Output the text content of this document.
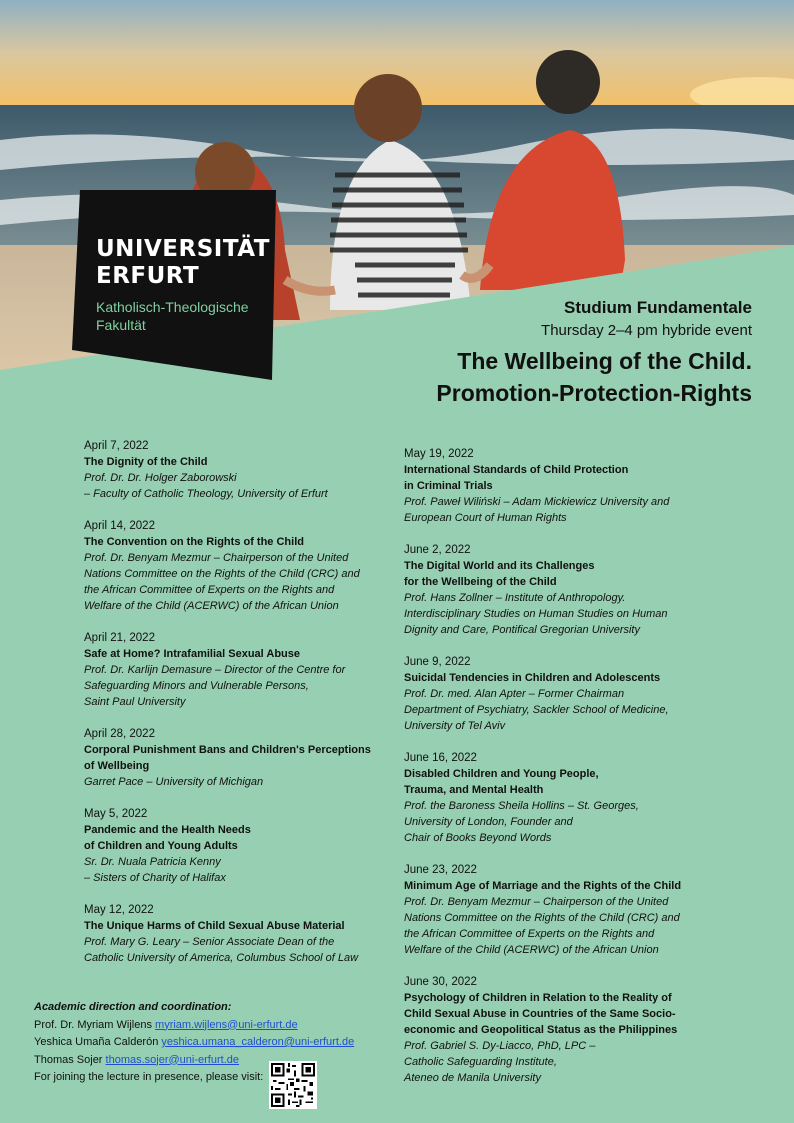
UNIVERSITÄT
ERFURT
Katholisch-Theologische
Fakultät
Studium Fundamentale
Thursday 2–4 pm hybride event
The Wellbeing of the Child.
Promotion-Protection-Rights
April 7, 2022
The Dignity of the Child
Prof. Dr. Dr. Holger Zaborowski
– Faculty of Catholic Theology, University of Erfurt
April 14, 2022
The Convention on the Rights of the Child
Prof. Dr. Benyam Mezmur – Chairperson of the United
Nations Committee on the Rights of the Child (CRC) and
the African Committee of Experts on the Rights and
Welfare of the Child (ACERWC) of the African Union
April 21, 2022
Safe at Home? Intrafamilial Sexual Abuse
Prof. Dr. Karlijn Demasure – Director of the Centre for
Safeguarding Minors and Vulnerable Persons,
Saint Paul University
April 28, 2022
Corporal Punishment Bans and Children's Perceptions
of Wellbeing
Garret Pace – University of Michigan
May 5, 2022
Pandemic and the Health Needs
of Children and Young Adults
Sr. Dr. Nuala Patricia Kenny
– Sisters of Charity of Halifax
May 12, 2022
The Unique Harms of Child Sexual Abuse Material
Prof. Mary G. Leary – Senior Associate Dean of the
Catholic University of America, Columbus School of Law
May 19, 2022
International Standards of Child Protection
in Criminal Trials
Prof. Paweł Wiliński – Adam Mickiewicz University and
European Court of Human Rights
June 2, 2022
The Digital World and its Challenges
for the Wellbeing of the Child
Prof. Hans Zollner – Institute of Anthropology.
Interdisciplinary Studies on Human Studies on Human
Dignity and Care, Pontifical Gregorian University
June 9, 2022
Suicidal Tendencies in Children and Adolescents
Prof. Dr. med. Alan Apter – Former Chairman
Department of Psychiatry, Sackler School of Medicine,
University of Tel Aviv
June 16, 2022
Disabled Children and Young People,
Trauma, and Mental Health
Prof. the Baroness Sheila Hollins – St. Georges,
University of London, Founder and
Chair of Books Beyond Words
June 23, 2022
Minimum Age of Marriage and the Rights of the Child
Prof. Dr. Benyam Mezmur – Chairperson of the United
Nations Committee on the Rights of the Child (CRC) and
the African Committee of Experts on the Rights and
Welfare of the Child (ACERWC) of the African Union
June 30, 2022
Psychology of Children in Relation to the Reality of
Child Sexual Abuse in Countries of the Same Socio-
economic and Geopolitical Status as the Philippines
Prof. Gabriel S. Dy-Liacco, PhD, LPC –
Catholic Safeguarding Institute,
Ateneo de Manila University
Academic direction and coordination:
Prof. Dr. Myriam Wijlens myriam.wijlens@uni-erfurt.de
Yeshica Umaña Calderón yeshica.umana_calderon@uni-erfurt.de
Thomas Sojer thomas.sojer@uni-erfurt.de
For joining the lecture in presence, please visit:
